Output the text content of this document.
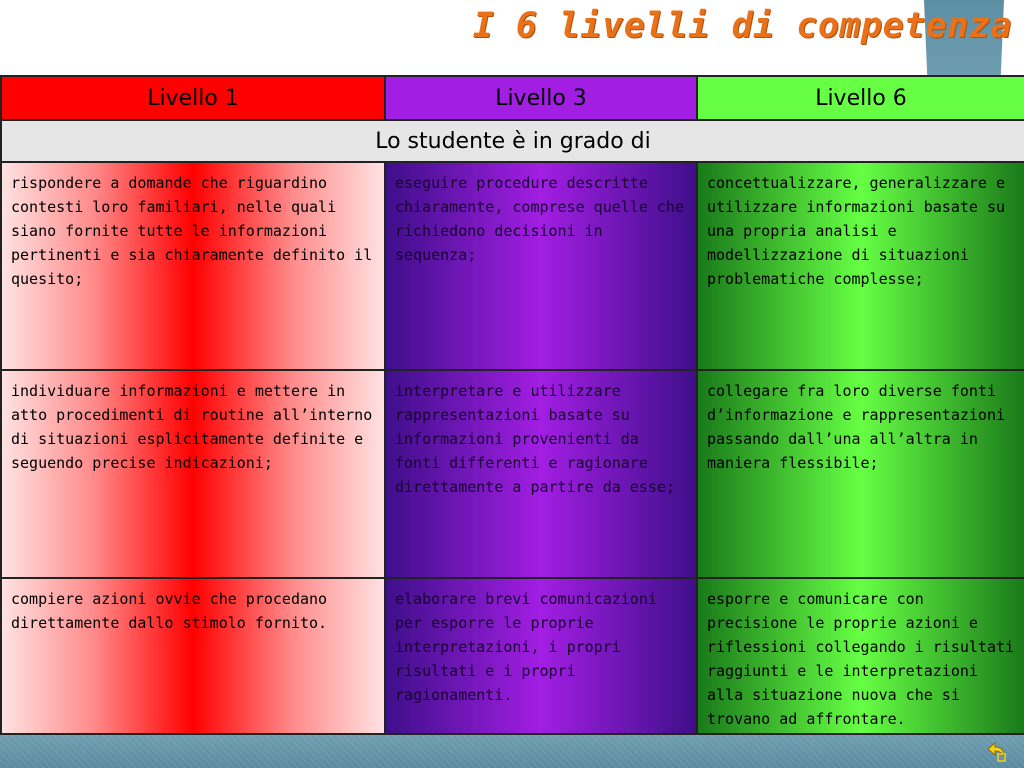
I 6 livelli di competenza
Livello 1	Livello 3	Livello 6
Lo studente è in grado di		
rispondere a domande che riguardino contesti loro familiari, nelle quali siano fornite tutte le informazioni pertinenti e sia chiaramente definito il quesito;	eseguire procedure descritte chiaramente, comprese quelle che richiedono decisioni in sequenza;	concettualizzare, generalizzare e utilizzare informazioni basate su una propria analisi e modellizzazione di situazioni problematiche complesse;
individuare informazioni e mettere in atto procedimenti di routine all’interno di situazioni esplicitamente definite e seguendo precise indicazioni;	interpretare e utilizzare rappresentazioni basate su informazioni provenienti da fonti differenti e ragionare direttamente a partire da esse;	collegare fra loro diverse fonti d’informazione e rappresentazioni passando dall’una all’altra in maniera flessibile;
compiere azioni ovvie che procedano direttamente dallo stimolo fornito.	elaborare brevi comunicazioni per esporre le proprie interpretazioni, i propri risultati e i propri ragionamenti.	esporre e comunicare con precisione le proprie azioni e riflessioni collegando i risultati raggiunti e le interpretazioni alla situazione nuova che si trovano ad affrontare.
